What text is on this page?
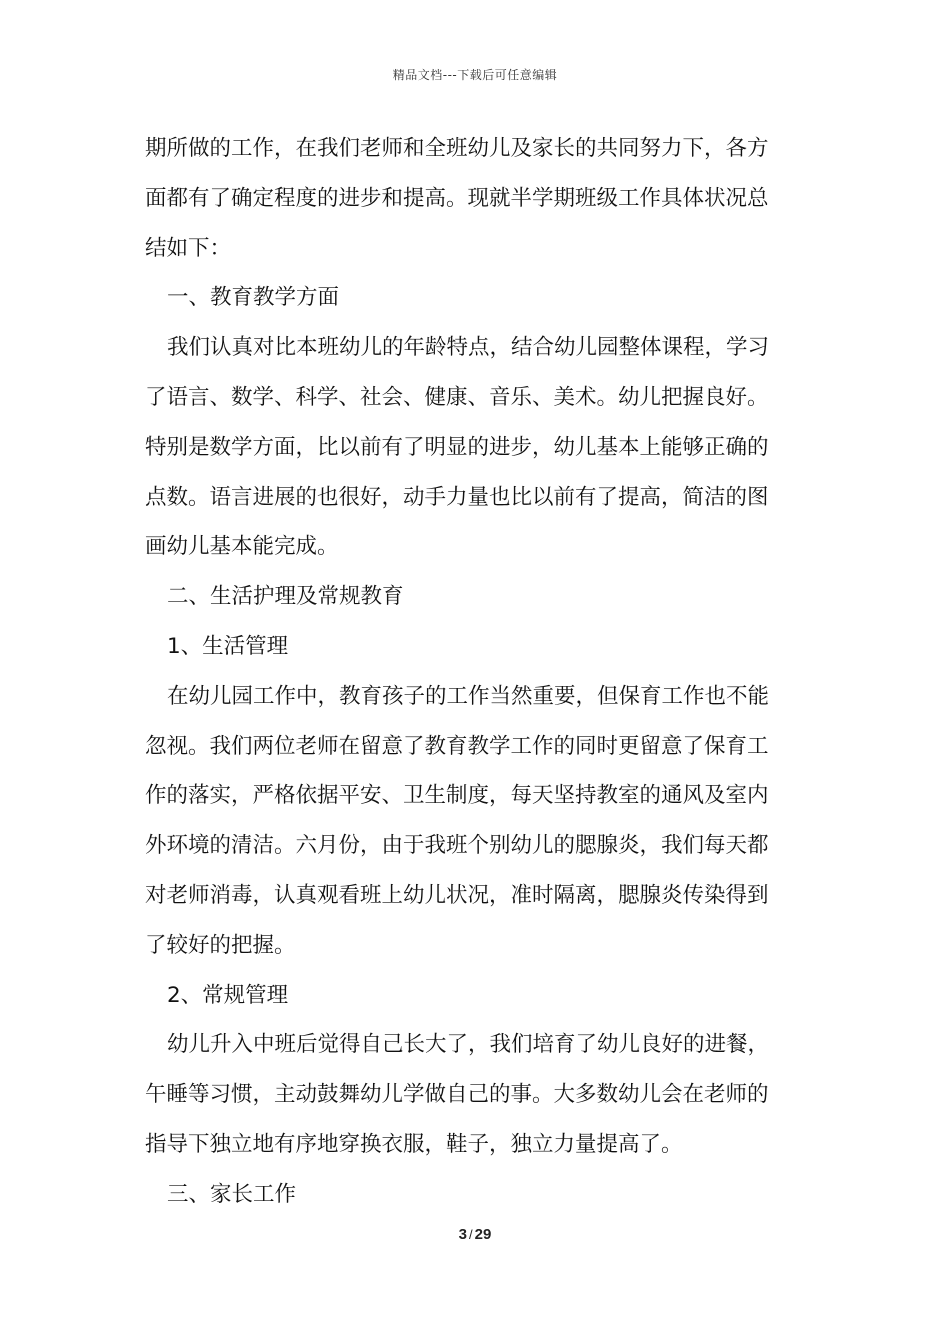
精品文档---下载后可任意编辑
期所做的工作，在我们老师和全班幼儿及家长的共同努力下，各方
面都有了确定程度的进步和提高。现就半学期班级工作具体状况总
结如下：
一、教育教学方面
我们认真对比本班幼儿的年龄特点，结合幼儿园整体课程，学习
了语言、数学、科学、社会、健康、音乐、美术。幼儿把握良好。
特别是数学方面，比以前有了明显的进步，幼儿基本上能够正确的
点数。语言进展的也很好，动手力量也比以前有了提高，简洁的图
画幼儿基本能完成。
二、生活护理及常规教育
1、生活管理
在幼儿园工作中，教育孩子的工作当然重要，但保育工作也不能
忽视。我们两位老师在留意了教育教学工作的同时更留意了保育工
作的落实，严格依据平安、卫生制度，每天坚持教室的通风及室内
外环境的清洁。六月份，由于我班个别幼儿的腮腺炎，我们每天都
对老师消毒，认真观看班上幼儿状况，准时隔离，腮腺炎传染得到
了较好的把握。
2、常规管理
幼儿升入中班后觉得自己长大了，我们培育了幼儿良好的进餐，
午睡等习惯，主动鼓舞幼儿学做自己的事。大多数幼儿会在老师的
指导下独立地有序地穿换衣服，鞋子，独立力量提高了。
三、家长工作
3 / 29
